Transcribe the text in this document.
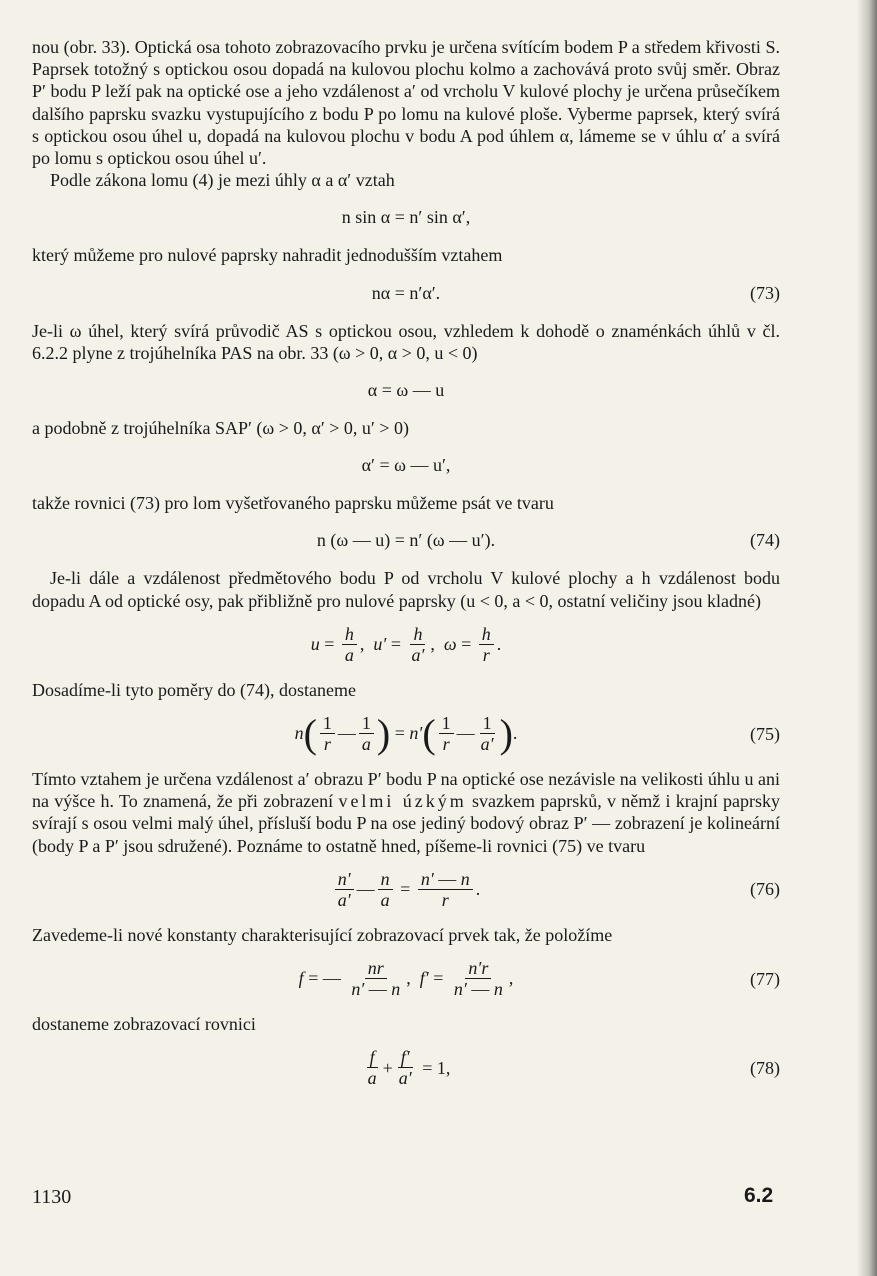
nou (obr. 33). Optická osa tohoto zobrazovacího prvku je určena svítícím bodem P a středem křivosti S. Paprsek totožný s optickou osou dopadá na kulovou plochu kolmo a zachovává proto svůj směr. Obraz P′ bodu P leží pak na optické ose a jeho vzdálenost a′ od vrcholu V kulové plochy je určena průsečíkem dalšího paprsku svazku vystupujícího z bodu P po lomu na kulové ploše. Vyberme paprsek, který svírá s optickou osou úhel u, dopadá na kulovou plochu v bodu A pod úhlem α, lámeme se v úhlu α′ a svírá po lomu s optickou osou úhel u′.

Podle zákona lomu (4) je mezi úhly α a α′ vztah

n sin α = n′ sin α′,

který můžeme pro nulové paprsky nahradit jednodušším vztahem

nα = n′α′.	(73)

Je-li ω úhel, který svírá průvodič AS s optickou osou, vzhledem k dohodě o znaménkách úhlů v čl. 6.2.2 plyne z trojúhelníka PAS na obr. 33 (ω > 0, α > 0, u < 0)

α = ω — u

a podobně z trojúhelníka SAP′ (ω > 0, α′ > 0, u′ > 0)

α′ = ω — u′,

takže rovnici (73) pro lom vyšetřovaného paprsku můžeme psát ve tvaru

n (ω — u) = n′ (ω — u′).	(74)

Je-li dále a vzdálenost předmětového bodu P od vrcholu V kulové plochy a h vzdálenost bodu dopadu A od optické osy, pak přibližně pro nulové paprsky (u < 0, a < 0, ostatní veličiny jsou kladné)

$u = \frac{h}{a}$ , $u' = \frac{h}{a'}$ , $\omega = \frac{h}{r}$ .

Dosadíme-li tyto poměry do (74), dostaneme

n ( $\frac{1}{r}$ — $\frac{1}{a}$ ) = n′ ( $\frac{1}{r}$ — $\frac{1}{a'}$ ) .	(75)

Tímto vztahem je určena vzdálenost a′ obrazu P′ bodu P na optické ose nezávisle na velikosti úhlu u ani na výšce h. To znamená, že při zobrazení velmi úzkým svazkem paprsků, v němž i krajní paprsky svírají s osou velmi malý úhel, přísluší bodu P na ose jediný bodový obraz P′ — zobrazení je kolineární (body P a P′ jsou sdružené). Poznáme to ostatně hned, píšeme-li rovnici (75) ve tvaru

$\frac{n'}{a'}$ — $\frac{n}{a} = \frac{n' — n}{r}$ .	(76)

Zavedeme-li nové konstanty charakterisující zobrazovací prvek tak, že položíme

f = — $\frac{nr}{n' — n}$ , $f' = \frac{n'r}{n' — n}$ ,	(77)

dostaneme zobrazovací rovnici

$\frac{f}{a} + \frac{f'}{a'} = 1$,	(78)
1130	6.2
